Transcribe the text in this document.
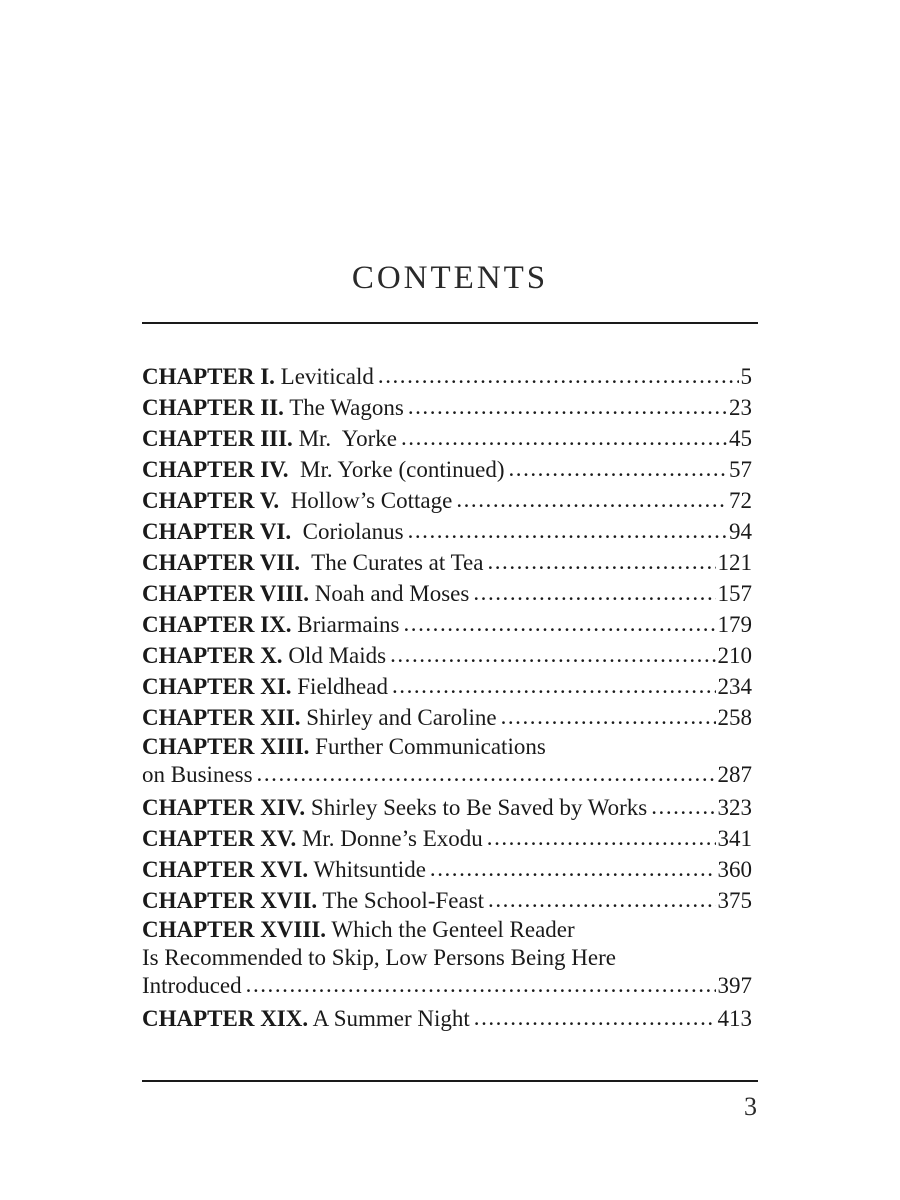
CONTENTS
CHAPTER I. Leviticald . . .	5
CHAPTER II. The Wagons . . .	23
CHAPTER III. Mr.  Yorke . . .	45
CHAPTER IV. Mr. Yorke (continued) . . .	57
CHAPTER V. Hollow’s Cottage . . .	72
CHAPTER VI. Coriolanus . . .	94
CHAPTER VII. The Curates at Tea . . .	121
CHAPTER VIII. Noah and Moses . . .	157
CHAPTER IX. Briarmains . . .	179
CHAPTER X. Old Maids . . .	210
CHAPTER XI. Fieldhead . . .	234
CHAPTER XII. Shirley and Caroline . . .	258
CHAPTER XIII. Further Communications
on Business . . .	287
CHAPTER XIV. Shirley Seeks to Be Saved by Works . . .	323
CHAPTER XV. Mr. Donne’s Exodu . . .	341
CHAPTER XVI. Whitsuntide . . .	360
CHAPTER XVII. The School-Feast . . .	375
CHAPTER XVIII. Which the Genteel Reader
Is Recommended to Skip, Low Persons Being Here
Introduced . . .	397
CHAPTER XIX. A Summer Night . . .	413
3
